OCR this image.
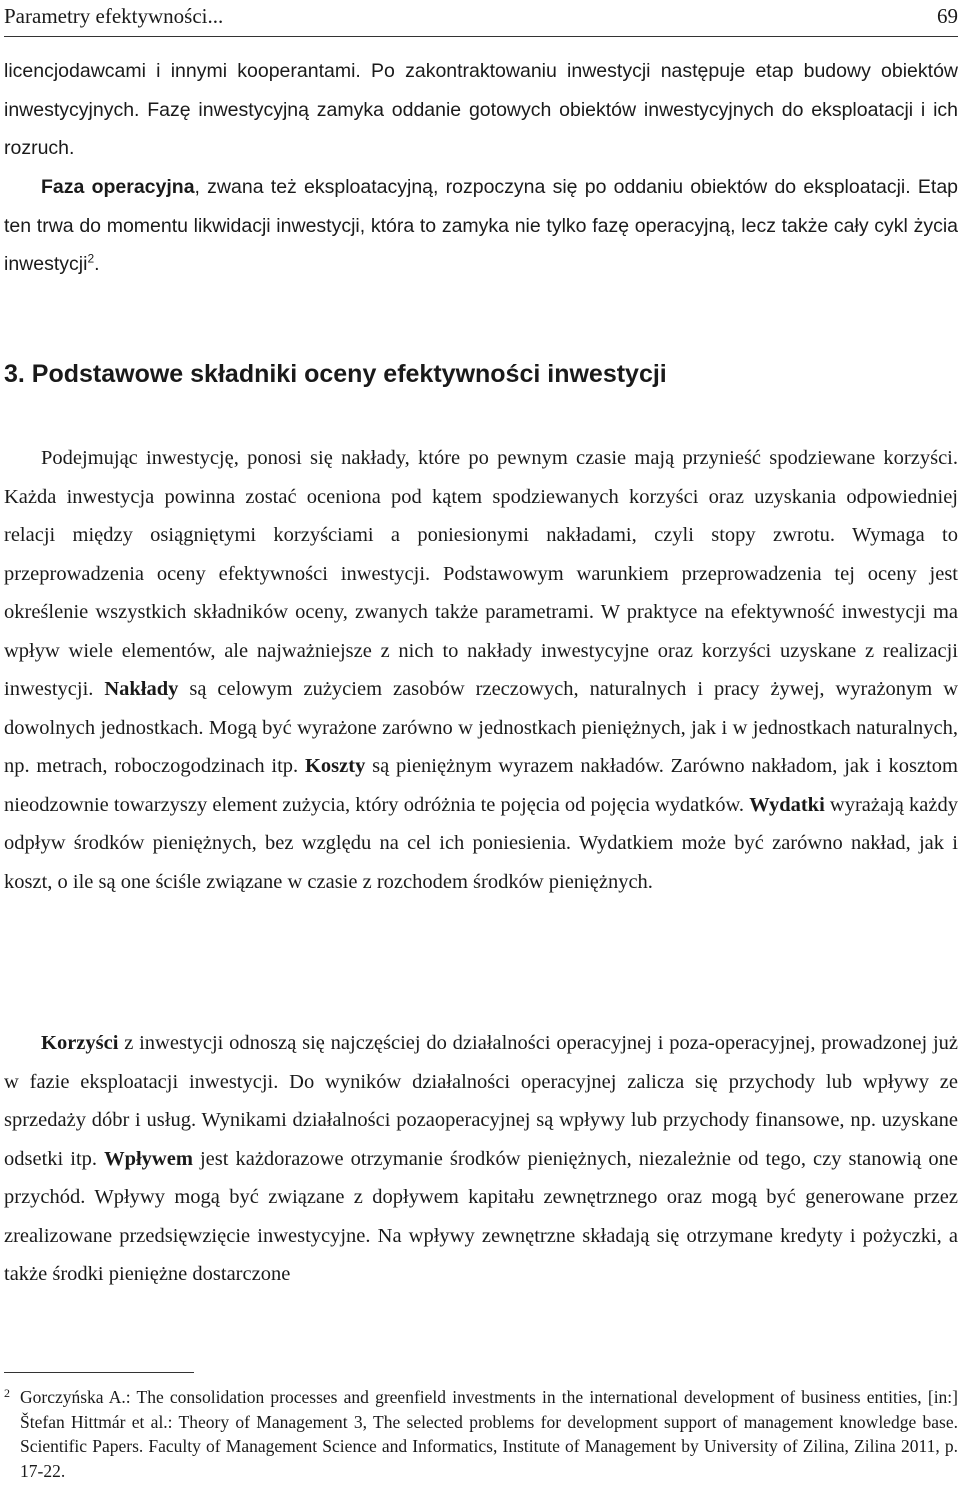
Parametry efektywności...	69

licencjodawcami i innymi kooperantami. Po zakontraktowaniu inwestycji następuje etap budowy obiektów inwestycyjnych. Fazę inwestycyjną zamyka oddanie gotowych obiektów inwestycyjnych do eksploatacji i ich rozruch.

Faza operacyjna, zwana też eksploatacyjną, rozpoczyna się po oddaniu obiektów do eksploatacji. Etap ten trwa do momentu likwidacji inwestycji, która to zamyka nie tylko fazę operacyjną, lecz także cały cykl życia inwestycji$^2$.

3. Podstawowe składniki oceny efektywności inwestycji

Podejmując inwestycję, ponosi się nakłady, które po pewnym czasie mają przynieść spodziewane korzyści. Każda inwestycja powinna zostać oceniona pod kątem spodziewanych korzyści oraz uzyskania odpowiedniej relacji między osiągniętymi korzyściami a poniesionymi nakładami, czyli stopy zwrotu. Wymaga to przeprowadzenia oceny efektywności inwestycji. Podstawowym warunkiem przeprowadzenia tej oceny jest określenie wszystkich składników oceny, zwanych także parametrami. W praktyce na efektywność inwestycji ma wpływ wiele elementów, ale najważniejsze z nich to nakłady inwestycyjne oraz korzyści uzyskane z realizacji inwestycji. Nakłady są celowym zużyciem zasobów rzeczowych, naturalnych i pracy żywej, wyrażonym w dowolnych jednostkach. Mogą być wyrażone zarówno w jednostkach pieniężnych, jak i w jednostkach naturalnych, np. metrach, roboczogodzinach itp. Koszty są pieniężnym wyrazem nakładów. Zarówno nakładom, jak i kosztom nieodzownie towarzyszy element zużycia, który odróżnia te pojęcia od pojęcia wydatków. Wydatki wyrażają każdy odpływ środków pieniężnych, bez względu na cel ich poniesienia. Wydatkiem może być zarówno nakład, jak i koszt, o ile są one ściśle związane w czasie z rozchodem środków pieniężnych.

Korzyści z inwestycji odnoszą się najczęściej do działalności operacyjnej i poza-operacyjnej, prowadzonej już w fazie eksploatacji inwestycji. Do wyników działalności operacyjnej zalicza się przychody lub wpływy ze sprzedaży dóbr i usług. Wynikami działalności pozaoperacyjnej są wpływy lub przychody finansowe, np. uzyskane odsetki itp. Wpływem jest każdorazowe otrzymanie środków pieniężnych, niezależnie od tego, czy stanowią one przychód. Wpływy mogą być związane z dopływem kapitału zewnętrznego oraz mogą być generowane przez zrealizowane przedsięwzięcie inwestycyjne. Na wpływy zewnętrzne składają się otrzymane kredyty i pożyczki, a także środki pieniężne dostarczone

2 Gorczyńska A.: The consolidation processes and greenfield investments in the international development of business entities, [in:] Štefan Hittmár et al.: Theory of Management 3, The selected problems for development support of management knowledge base. Scientific Papers. Faculty of Management Science and Informatics, Institute of Management by University of Zilina, Zilina 2011, p. 17-22.
